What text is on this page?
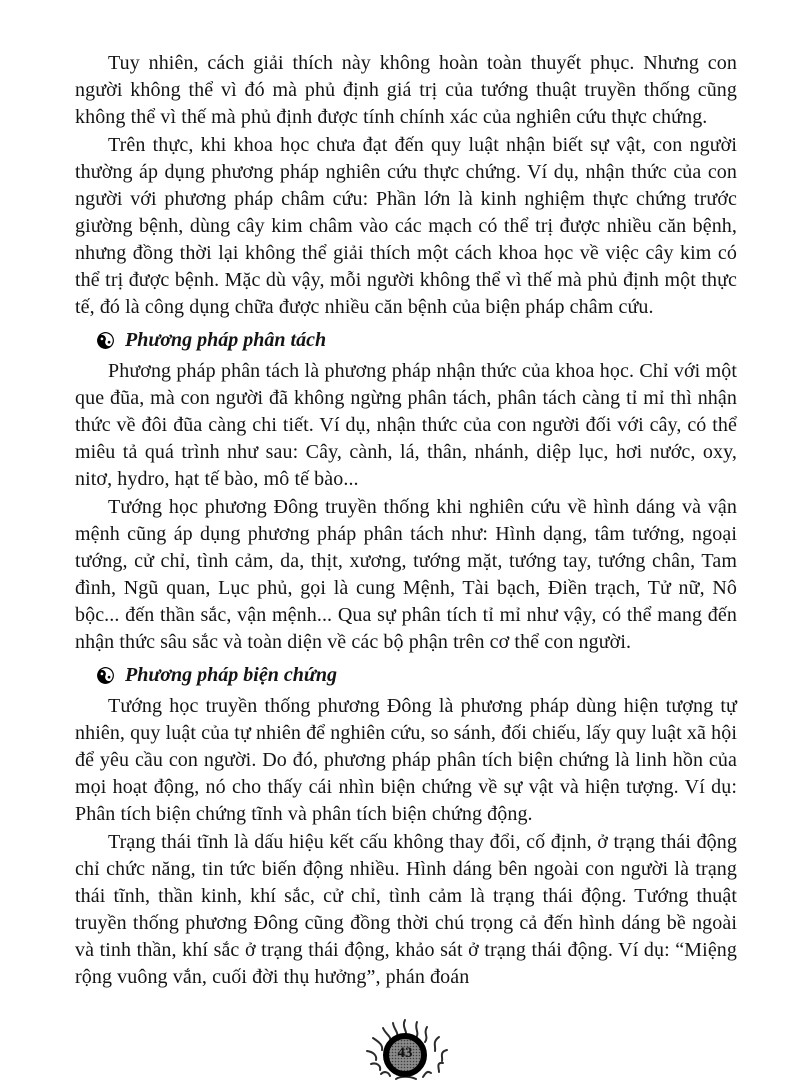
Tuy nhiên, cách giải thích này không hoàn toàn thuyết phục. Nhưng con người không thể vì đó mà phủ định giá trị của tướng thuật truyền thống cũng không thể vì thế mà phủ định được tính chính xác của nghiên cứu thực chứng.

Trên thực, khi khoa học chưa đạt đến quy luật nhận biết sự vật, con người thường áp dụng phương pháp nghiên cứu thực chứng. Ví dụ, nhận thức của con người với phương pháp châm cứu: Phần lớn là kinh nghiệm thực chứng trước giường bệnh, dùng cây kim châm vào các mạch có thể trị được nhiều căn bệnh, nhưng đồng thời lại không thể giải thích một cách khoa học về việc cây kim có thể trị được bệnh. Mặc dù vậy, mỗi người không thể vì thế mà phủ định một thực tế, đó là công dụng chữa được nhiều căn bệnh của biện pháp châm cứu.

Phương pháp phân tách

Phương pháp phân tách là phương pháp nhận thức của khoa học. Chỉ với một que đũa, mà con người đã không ngừng phân tách, phân tách càng tỉ mỉ thì nhận thức về đôi đũa càng chi tiết. Ví dụ, nhận thức của con người đối với cây, có thể miêu tả quá trình như sau: Cây, cành, lá, thân, nhánh, diệp lục, hơi nước, oxy, nitơ, hydro, hạt tế bào, mô tế bào...

Tướng học phương Đông truyền thống khi nghiên cứu về hình dáng và vận mệnh cũng áp dụng phương pháp phân tách như: Hình dạng, tâm tướng, ngoại tướng, cử chỉ, tình cảm, da, thịt, xương, tướng mặt, tướng tay, tướng chân, Tam đình, Ngũ quan, Lục phủ, gọi là cung Mệnh, Tài bạch, Điền trạch, Tử nữ, Nô bộc... đến thần sắc, vận mệnh... Qua sự phân tích tỉ mỉ như vậy, có thể mang đến nhận thức sâu sắc và toàn diện về các bộ phận trên cơ thể con người.

Phương pháp biện chứng

Tướng học truyền thống phương Đông là phương pháp dùng hiện tượng tự nhiên, quy luật của tự nhiên để nghiên cứu, so sánh, đối chiếu, lấy quy luật xã hội để yêu cầu con người. Do đó, phương pháp phân tích biện chứng là linh hồn của mọi hoạt động, nó cho thấy cái nhìn biện chứng về sự vật và hiện tượng. Ví dụ: Phân tích biện chứng tĩnh và phân tích biện chứng động.

Trạng thái tĩnh là dấu hiệu kết cấu không thay đổi, cố định, ở trạng thái động chỉ chức năng, tin tức biến động nhiều. Hình dáng bên ngoài con người là trạng thái tĩnh, thần kinh, khí sắc, cử chỉ, tình cảm là trạng thái động. Tướng thuật truyền thống phương Đông cũng đồng thời chú trọng cả đến hình dáng bề ngoài và tinh thần, khí sắc ở trạng thái động, khảo sát ở trạng thái động. Ví dụ: “Miệng rộng vuông vắn, cuối đời thụ hưởng”, phán đoán

43
